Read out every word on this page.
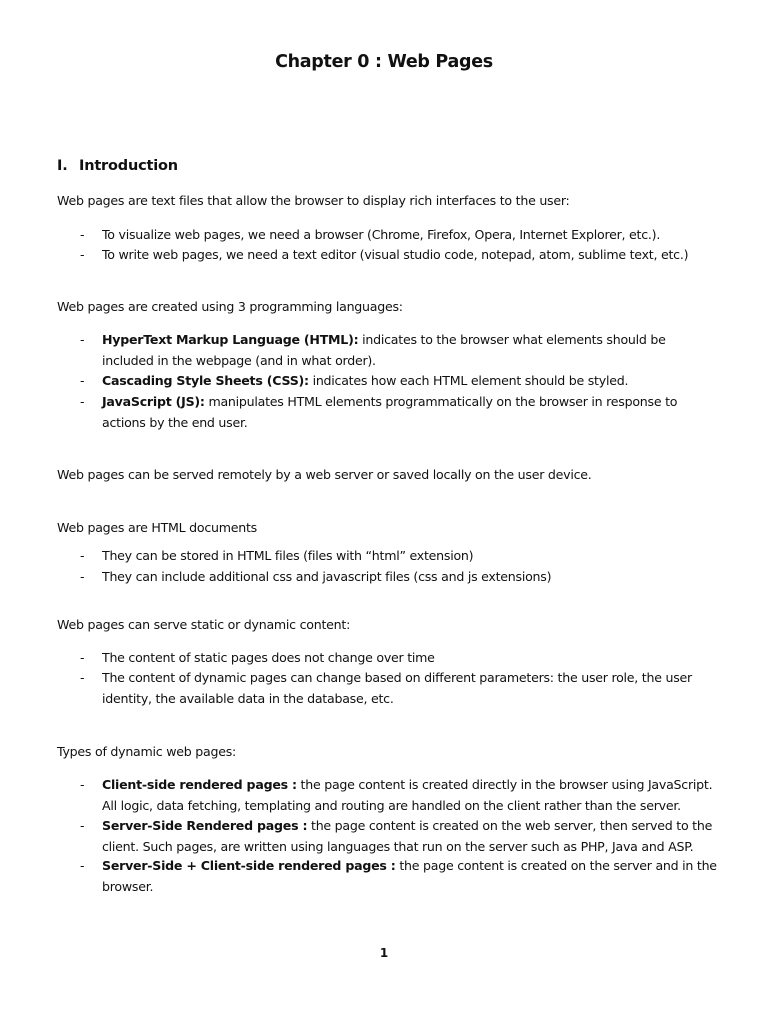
Chapter 0 : Web Pages
I. Introduction
Web pages are text files that allow the browser to display rich interfaces to the user:
- To visualize web pages, we need a browser (Chrome, Firefox, Opera, Internet Explorer, etc.).
- To write web pages, we need a text editor (visual studio code, notepad, atom, sublime text, etc.)
Web pages are created using 3 programming languages:
- HyperText Markup Language (HTML): indicates to the browser what elements should be
included in the webpage (and in what order).
- Cascading Style Sheets (CSS): indicates how each HTML element should be styled.
- JavaScript (JS): manipulates HTML elements programmatically on the browser in response to
actions by the end user.
Web pages can be served remotely by a web server or saved locally on the user device.
Web pages are HTML documents
- They can be stored in HTML files (files with “html” extension)
- They can include additional css and javascript files (css and js extensions)
Web pages can serve static or dynamic content:
- The content of static pages does not change over time
- The content of dynamic pages can change based on different parameters: the user role, the user
identity, the available data in the database, etc.
Types of dynamic web pages:
- Client-side rendered pages : the page content is created directly in the browser using JavaScript.
All logic, data fetching, templating and routing are handled on the client rather than the server.
- Server-Side Rendered pages : the page content is created on the web server, then served to the
client. Such pages, are written using languages that run on the server such as PHP, Java and ASP.
- Server-Side + Client-side rendered pages : the page content is created on the server and in the
browser.
1
